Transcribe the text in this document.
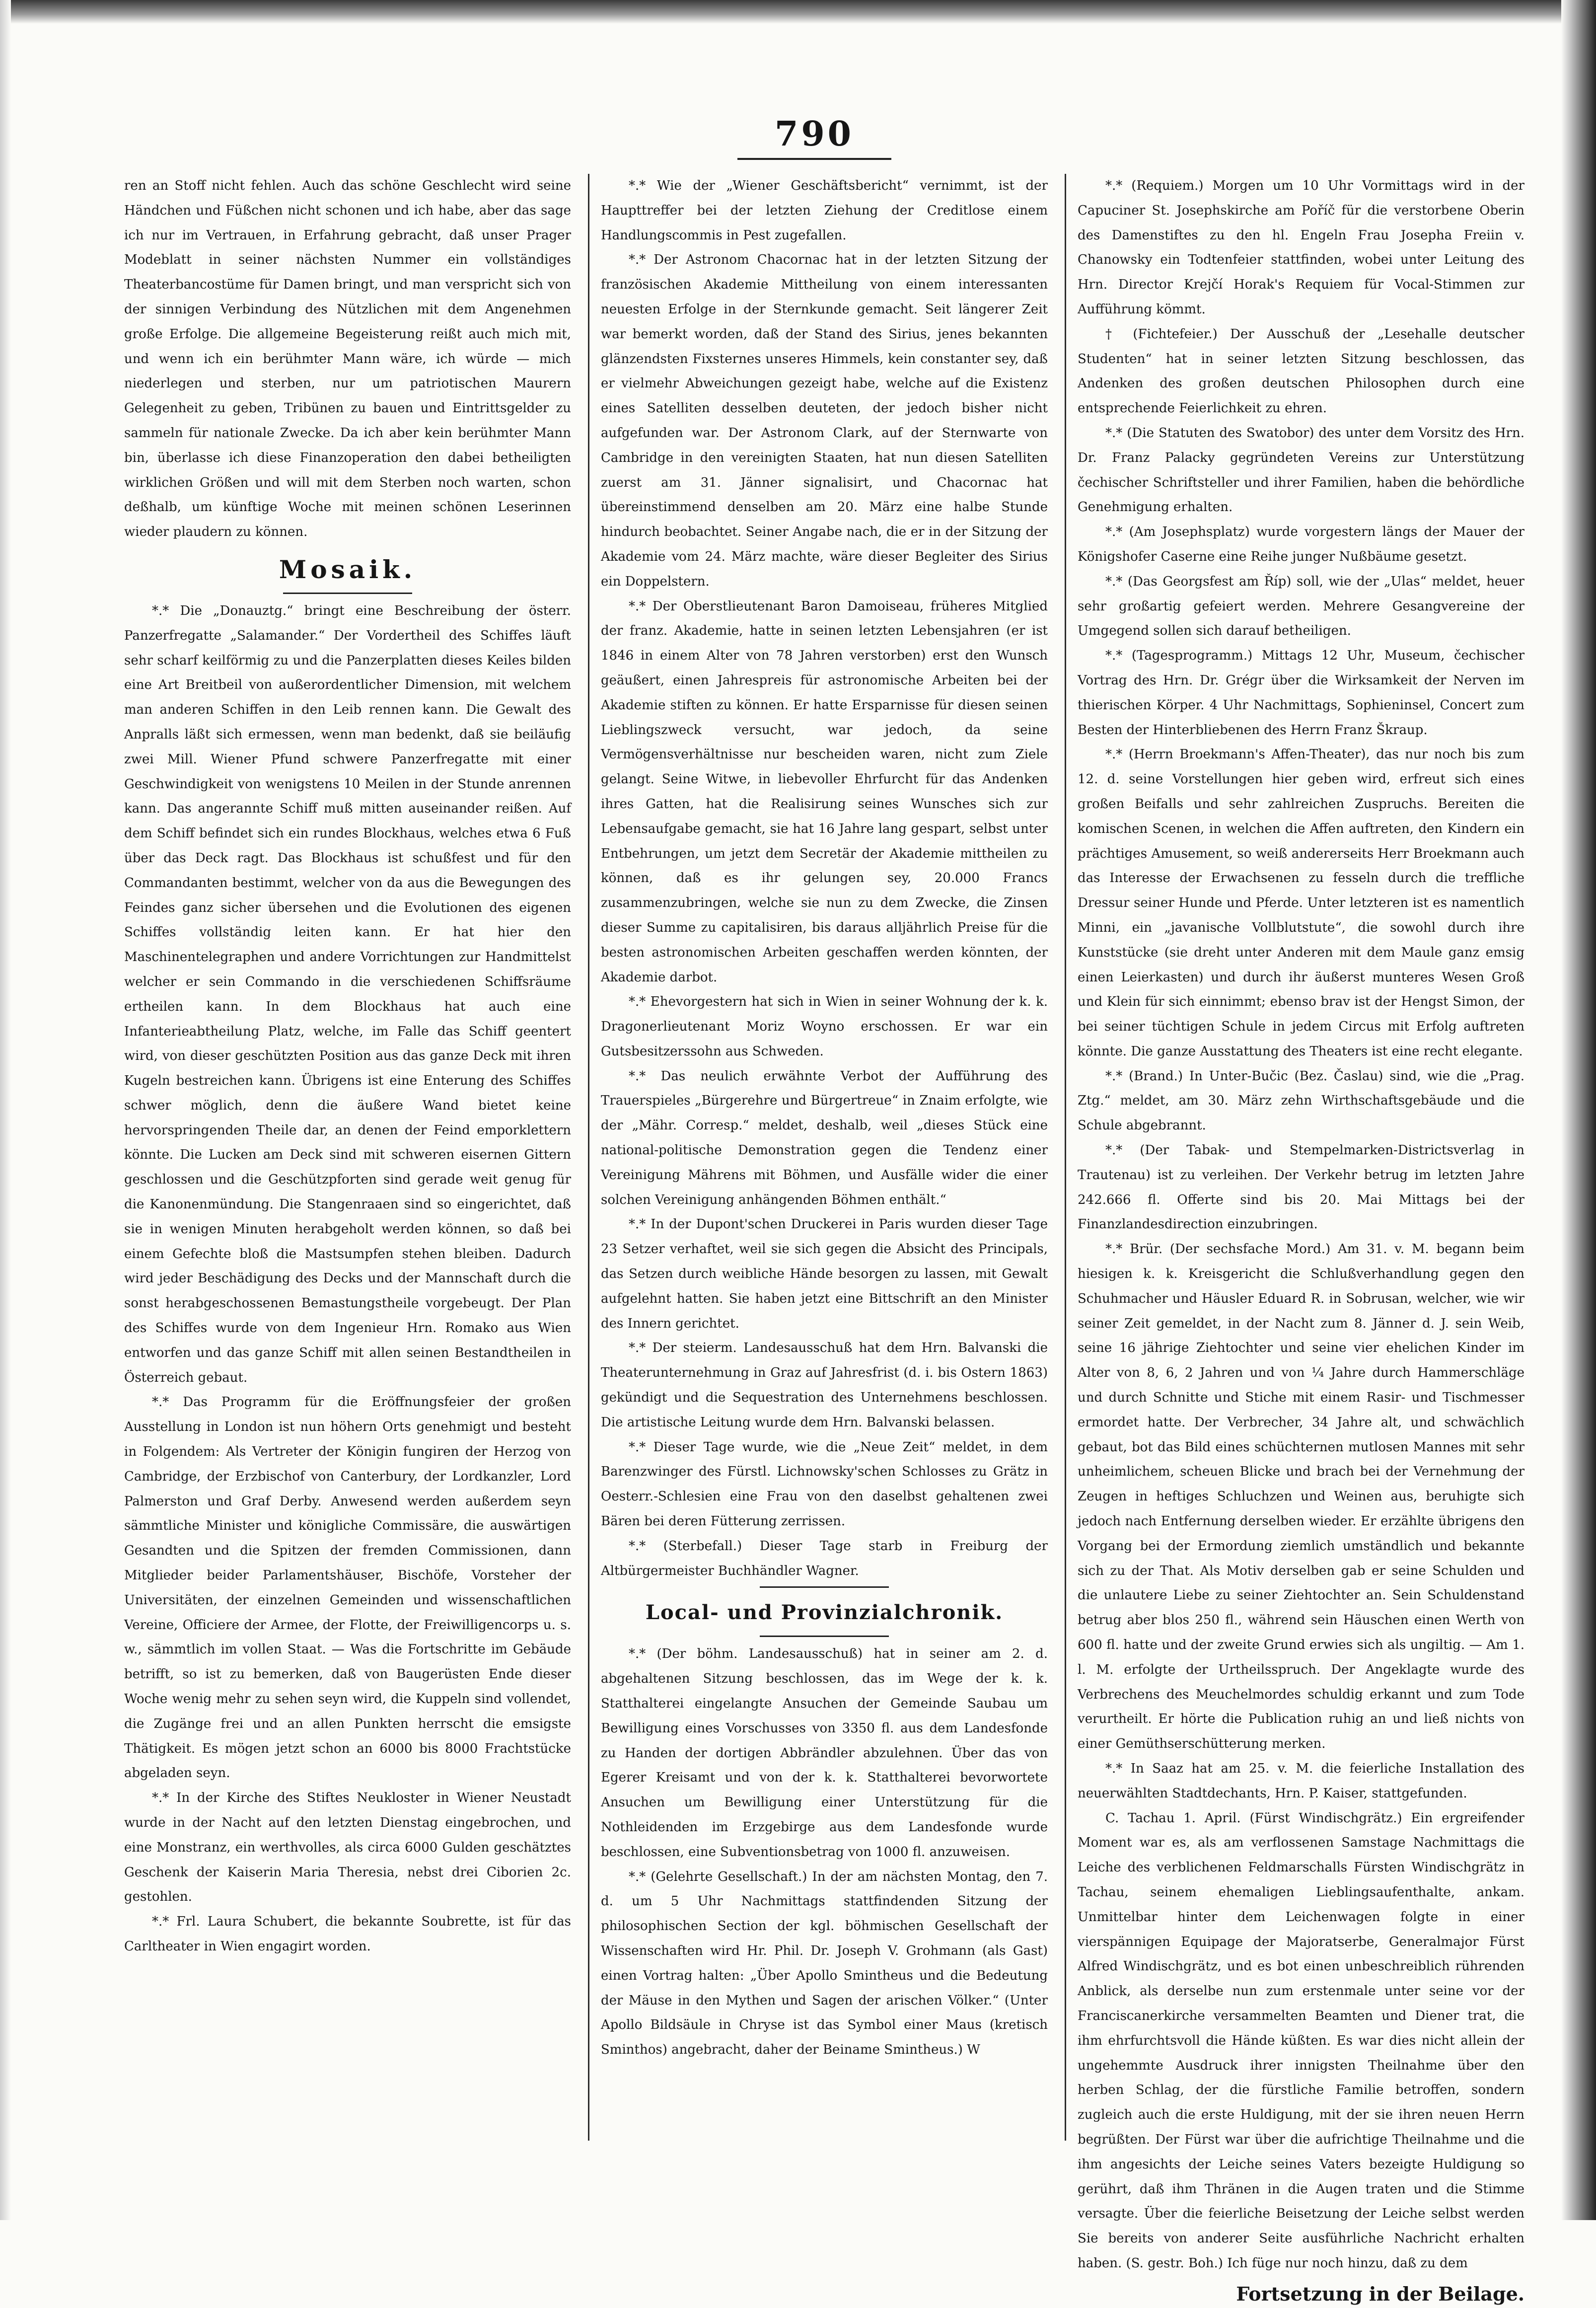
790

ren an Stoff nicht fehlen. Auch das schöne Geschlecht wird seine Händchen und Füßchen nicht schonen und ich habe, aber das sage ich nur im Vertrauen, in Erfahrung gebracht, daß unser Prager Modeblatt in seiner nächsten Nummer ein vollständiges Theaterbancostüme für Damen bringt, und man verspricht sich von der sinnigen Verbindung des Nützlichen mit dem Angenehmen große Erfolge. Die allgemeine Begeisterung reißt auch mich mit, und wenn ich ein berühmter Mann wäre, ich würde — mich niederlegen und sterben, nur um patriotischen Maurern Gelegenheit zu geben, Tribünen zu bauen und Eintrittsgelder zu sammeln für nationale Zwecke. Da ich aber kein berühmter Mann bin, überlasse ich diese Finanzoperation den dabei betheiligten wirklichen Größen und will mit dem Sterben noch warten, schon deßhalb, um künftige Woche mit meinen schönen Leserinnen wieder plaudern zu können.

Mosaik.

*.* Die „Donauztg.“ bringt eine Beschreibung der österr. Panzerfregatte „Salamander.“ Der Vordertheil des Schiffes läuft sehr scharf keilförmig zu und die Panzerplatten dieses Keiles bilden eine Art Breitbeil von außerordentlicher Dimension, mit welchem man anderen Schiffen in den Leib rennen kann. Die Gewalt des Anpralls läßt sich ermessen, wenn man bedenkt, daß sie beiläufig zwei Mill. Wiener Pfund schwere Panzerfregatte mit einer Geschwindigkeit von wenigstens 10 Meilen in der Stunde anrennen kann. Das angerannte Schiff muß mitten auseinander reißen. Auf dem Schiff befindet sich ein rundes Blockhaus, welches etwa 6 Fuß über das Deck ragt. Das Blockhaus ist schußfest und für den Commandanten bestimmt, welcher von da aus die Bewegungen des Feindes ganz sicher übersehen und die Evolutionen des eigenen Schiffes vollständig leiten kann. Er hat hier den Maschinentelegraphen und andere Vorrichtungen zur Handmittelst welcher er sein Commando in die verschiedenen Schiffsräume ertheilen kann. In dem Blockhaus hat auch eine Infanterieabtheilung Platz, welche, im Falle das Schiff geentert wird, von dieser geschützten Position aus das ganze Deck mit ihren Kugeln bestreichen kann. Übrigens ist eine Enterung des Schiffes schwer möglich, denn die äußere Wand bietet keine hervorspringenden Theile dar, an denen der Feind emporklettern könnte. Die Lucken am Deck sind mit schweren eisernen Gittern geschlossen und die Geschützpforten sind gerade weit genug für die Kanonenmündung. Die Stangenraaen sind so eingerichtet, daß sie in wenigen Minuten herabgeholt werden können, so daß bei einem Gefechte bloß die Mastsumpfen stehen bleiben. Dadurch wird jeder Beschädigung des Decks und der Mannschaft durch die sonst herabgeschossenen Bemastungstheile vorgebeugt. Der Plan des Schiffes wurde von dem Ingenieur Hrn. Romako aus Wien entworfen und das ganze Schiff mit allen seinen Bestandtheilen in Österreich gebaut.

*.* Das Programm für die Eröffnungsfeier der großen Ausstellung in London ist nun höhern Orts genehmigt und besteht in Folgendem: Als Vertreter der Königin fungiren der Herzog von Cambridge, der Erzbischof von Canterbury, der Lordkanzler, Lord Palmerston und Graf Derby. Anwesend werden außerdem seyn sämmtliche Minister und königliche Commissäre, die auswärtigen Gesandten und die Spitzen der fremden Commissionen, dann Mitglieder beider Parlamentshäuser, Bischöfe, Vorsteher der Universitäten, der einzelnen Gemeinden und wissenschaftlichen Vereine, Officiere der Armee, der Flotte, der Freiwilligencorps u. s. w., sämmtlich im vollen Staat. — Was die Fortschritte im Gebäude betrifft, so ist zu bemerken, daß von Baugerüsten Ende dieser Woche wenig mehr zu sehen seyn wird, die Kuppeln sind vollendet, die Zugänge frei und an allen Punkten herrscht die emsigste Thätigkeit. Es mögen jetzt schon an 6000 bis 8000 Frachtstücke abgeladen seyn.

*.* In der Kirche des Stiftes Neukloster in Wiener Neustadt wurde in der Nacht auf den letzten Dienstag eingebrochen, und eine Monstranz, ein werthvolles, als circa 6000 Gulden geschätztes Geschenk der Kaiserin Maria Theresia, nebst drei Ciborien 2c. gestohlen.

*.* Frl. Laura Schubert, die bekannte Soubrette, ist für das Carltheater in Wien engagirt worden.

*.* Wie der „Wiener Geschäftsbericht“ vernimmt, ist der Haupttreffer bei der letzten Ziehung der Creditlose einem Handlungscommis in Pest zugefallen.

*.* Der Astronom Chacornac hat in der letzten Sitzung der französischen Akademie Mittheilung von einem interessanten neuesten Erfolge in der Sternkunde gemacht. Seit längerer Zeit war bemerkt worden, daß der Stand des Sirius, jenes bekannten glänzendsten Fixsternes unseres Himmels, kein constanter sey, daß er vielmehr Abweichungen gezeigt habe, welche auf die Existenz eines Satelliten desselben deuteten, der jedoch bisher nicht aufgefunden war. Der Astronom Clark, auf der Sternwarte von Cambridge in den vereinigten Staaten, hat nun diesen Satelliten zuerst am 31. Jänner signalisirt, und Chacornac hat übereinstimmend denselben am 20. März eine halbe Stunde hindurch beobachtet. Seiner Angabe nach, die er in der Sitzung der Akademie vom 24. März machte, wäre dieser Begleiter des Sirius ein Doppelstern.

*.* Der Oberstlieutenant Baron Damoiseau, früheres Mitglied der franz. Akademie, hatte in seinen letzten Lebensjahren (er ist 1846 in einem Alter von 78 Jahren verstorben) erst den Wunsch geäußert, einen Jahrespreis für astronomische Arbeiten bei der Akademie stiften zu können. Er hatte Ersparnisse für diesen seinen Lieblingszweck versucht, war jedoch, da seine Vermögensverhältnisse nur bescheiden waren, nicht zum Ziele gelangt. Seine Witwe, in liebevoller Ehrfurcht für das Andenken ihres Gatten, hat die Realisirung seines Wunsches sich zur Lebensaufgabe gemacht, sie hat 16 Jahre lang gespart, selbst unter Entbehrungen, um jetzt dem Secretär der Akademie mittheilen zu können, daß es ihr gelungen sey, 20.000 Francs zusammenzubringen, welche sie nun zu dem Zwecke, die Zinsen dieser Summe zu capitalisiren, bis daraus alljährlich Preise für die besten astronomischen Arbeiten geschaffen werden könnten, der Akademie darbot.

*.* Ehevorgestern hat sich in Wien in seiner Wohnung der k. k. Dragonerlieutenant Moriz Woyno erschossen. Er war ein Gutsbesitzerssohn aus Schweden.

*.* Das neulich erwähnte Verbot der Aufführung des Trauerspieles „Bürgerehre und Bürgertreue“ in Znaim erfolgte, wie der „Mähr. Corresp.“ meldet, deshalb, weil „dieses Stück eine national-politische Demonstration gegen die Tendenz einer Vereinigung Mährens mit Böhmen, und Ausfälle wider die einer solchen Vereinigung anhängenden Böhmen enthält.“

*.* In der Dupont'schen Druckerei in Paris wurden dieser Tage 23 Setzer verhaftet, weil sie sich gegen die Absicht des Principals, das Setzen durch weibliche Hände besorgen zu lassen, mit Gewalt aufgelehnt hatten. Sie haben jetzt eine Bittschrift an den Minister des Innern gerichtet.

*.* Der steierm. Landesausschuß hat dem Hrn. Balvanski die Theaterunternehmung in Graz auf Jahresfrist (d. i. bis Ostern 1863) gekündigt und die Sequestration des Unternehmens beschlossen. Die artistische Leitung wurde dem Hrn. Balvanski belassen.

*.* Dieser Tage wurde, wie die „Neue Zeit“ meldet, in dem Barenzwinger des Fürstl. Lichnowsky'schen Schlosses zu Grätz in Oesterr.-Schlesien eine Frau von den daselbst gehaltenen zwei Bären bei deren Fütterung zerrissen.

*.* (Sterbefall.) Dieser Tage starb in Freiburg der Altbürgermeister Buchhändler Wagner.

Local- und Provinzialchronik.

*.* (Der böhm. Landesausschuß) hat in seiner am 2. d. abgehaltenen Sitzung beschlossen, das im Wege der k. k. Statthalterei eingelangte Ansuchen der Gemeinde Saubau um Bewilligung eines Vorschusses von 3350 fl. aus dem Landesfonde zu Handen der dortigen Abbrändler abzulehnen. Über das von Egerer Kreisamt und von der k. k. Statthalterei bevorwortete Ansuchen um Bewilligung einer Unterstützung für die Nothleidenden im Erzgebirge aus dem Landesfonde wurde beschlossen, eine Subventionsbetrag von 1000 fl. anzuweisen.

*.* (Gelehrte Gesellschaft.) In der am nächsten Montag, den 7. d. um 5 Uhr Nachmittags stattfindenden Sitzung der philosophischen Section der kgl. böhmischen Gesellschaft der Wissenschaften wird Hr. Phil. Dr. Joseph V. Grohmann (als Gast) einen Vortrag halten: „Über Apollo Smintheus und die Bedeutung der Mäuse in den Mythen und Sagen der arischen Völker.“ (Unter Apollo Bildsäule in Chryse ist das Symbol einer Maus (kretisch Sminthos) angebracht, daher der Beiname Smintheus.) W

*.* (Requiem.) Morgen um 10 Uhr Vormittags wird in der Capuciner St. Josephskirche am Poříč für die verstorbene Oberin des Damenstiftes zu den hl. Engeln Frau Josepha Freiin v. Chanowsky ein Todtenfeier stattfinden, wobei unter Leitung des Hrn. Director Krejčí Horak's Requiem für Vocal-Stimmen zur Aufführung kömmt.

† (Fichtefeier.) Der Ausschuß der „Lesehalle deutscher Studenten“ hat in seiner letzten Sitzung beschlossen, das Andenken des großen deutschen Philosophen durch eine entsprechende Feierlichkeit zu ehren.

*.* (Die Statuten des Swatobor) des unter dem Vorsitz des Hrn. Dr. Franz Palacky gegründeten Vereins zur Unterstützung čechischer Schriftsteller und ihrer Familien, haben die behördliche Genehmigung erhalten.

*.* (Am Josephsplatz) wurde vorgestern längs der Mauer der Königshofer Caserne eine Reihe junger Nußbäume gesetzt.

*.* (Das Georgsfest am Říp) soll, wie der „Ulas“ meldet, heuer sehr großartig gefeiert werden. Mehrere Gesangvereine der Umgegend sollen sich darauf betheiligen.

*.* (Tagesprogramm.) Mittags 12 Uhr, Museum, čechischer Vortrag des Hrn. Dr. Grégr über die Wirksamkeit der Nerven im thierischen Körper. 4 Uhr Nachmittags, Sophieninsel, Concert zum Besten der Hinterbliebenen des Herrn Franz Škraup.

*.* (Herrn Broekmann's Affen-Theater), das nur noch bis zum 12. d. seine Vorstellungen hier geben wird, erfreut sich eines großen Beifalls und sehr zahlreichen Zuspruchs. Bereiten die komischen Scenen, in welchen die Affen auftreten, den Kindern ein prächtiges Amusement, so weiß andererseits Herr Broekmann auch das Interesse der Erwachsenen zu fesseln durch die treffliche Dressur seiner Hunde und Pferde. Unter letzteren ist es namentlich Minni, ein „javanische Vollblutstute“, die sowohl durch ihre Kunststücke (sie dreht unter Anderen mit dem Maule ganz emsig einen Leierkasten) und durch ihr äußerst munteres Wesen Groß und Klein für sich einnimmt; ebenso brav ist der Hengst Simon, der bei seiner tüchtigen Schule in jedem Circus mit Erfolg auftreten könnte. Die ganze Ausstattung des Theaters ist eine recht elegante.

*.* (Brand.) In Unter-Bučic (Bez. Časlau) sind, wie die „Prag. Ztg.“ meldet, am 30. März zehn Wirthschaftsgebäude und die Schule abgebrannt.

*.* (Der Tabak- und Stempelmarken-Districtsverlag in Trautenau) ist zu verleihen. Der Verkehr betrug im letzten Jahre 242.666 fl. Offerte sind bis 20. Mai Mittags bei der Finanzlandesdirection einzubringen.

*.* Brür. (Der sechsfache Mord.) Am 31. v. M. begann beim hiesigen k. k. Kreisgericht die Schlußverhandlung gegen den Schuhmacher und Häusler Eduard R. in Sobrusan, welcher, wie wir seiner Zeit gemeldet, in der Nacht zum 8. Jänner d. J. sein Weib, seine 16 jährige Ziehtochter und seine vier ehelichen Kinder im Alter von 8, 6, 2 Jahren und von ¼ Jahre durch Hammerschläge und durch Schnitte und Stiche mit einem Rasir- und Tischmesser ermordet hatte. Der Verbrecher, 34 Jahre alt, und schwächlich gebaut, bot das Bild eines schüchternen mutlosen Mannes mit sehr unheimlichem, scheuen Blicke und brach bei der Vernehmung der Zeugen in heftiges Schluchzen und Weinen aus, beruhigte sich jedoch nach Entfernung derselben wieder. Er erzählte übrigens den Vorgang bei der Ermordung ziemlich umständlich und bekannte sich zu der That. Als Motiv derselben gab er seine Schulden und die unlautere Liebe zu seiner Ziehtochter an. Sein Schuldenstand betrug aber blos 250 fl., während sein Häuschen einen Werth von 600 fl. hatte und der zweite Grund erwies sich als ungiltig. — Am 1. l. M. erfolgte der Urtheilsspruch. Der Angeklagte wurde des Verbrechens des Meuchelmordes schuldig erkannt und zum Tode verurtheilt. Er hörte die Publication ruhig an und ließ nichts von einer Gemüthserschütterung merken.

*.* In Saaz hat am 25. v. M. die feierliche Installation des neuerwählten Stadtdechants, Hrn. P. Kaiser, stattgefunden.

C. Tachau 1. April. (Fürst Windischgrätz.) Ein ergreifender Moment war es, als am verflossenen Samstage Nachmittags die Leiche des verblichenen Feldmarschalls Fürsten Windischgrätz in Tachau, seinem ehemaligen Lieblingsaufenthalte, ankam. Unmittelbar hinter dem Leichenwagen folgte in einer vierspännigen Equipage der Majoratserbe, Generalmajor Fürst Alfred Windischgrätz, und es bot einen unbeschreiblich rührenden Anblick, als derselbe nun zum erstenmale unter seine vor der Franciscanerkirche versammelten Beamten und Diener trat, die ihm ehrfurchtsvoll die Hände küßten. Es war dies nicht allein der ungehemmte Ausdruck ihrer innigsten Theilnahme über den herben Schlag, der die fürstliche Familie betroffen, sondern zugleich auch die erste Huldigung, mit der sie ihren neuen Herrn begrüßten. Der Fürst war über die aufrichtige Theilnahme und die ihm angesichts der Leiche seines Vaters bezeigte Huldigung so gerührt, daß ihm Thränen in die Augen traten und die Stimme versagte. Über die feierliche Beisetzung der Leiche selbst werden Sie bereits von anderer Seite ausführliche Nachricht erhalten haben. (S. gestr. Boh.) Ich füge nur noch hinzu, daß zu dem

Fortsetzung in der Beilage.
